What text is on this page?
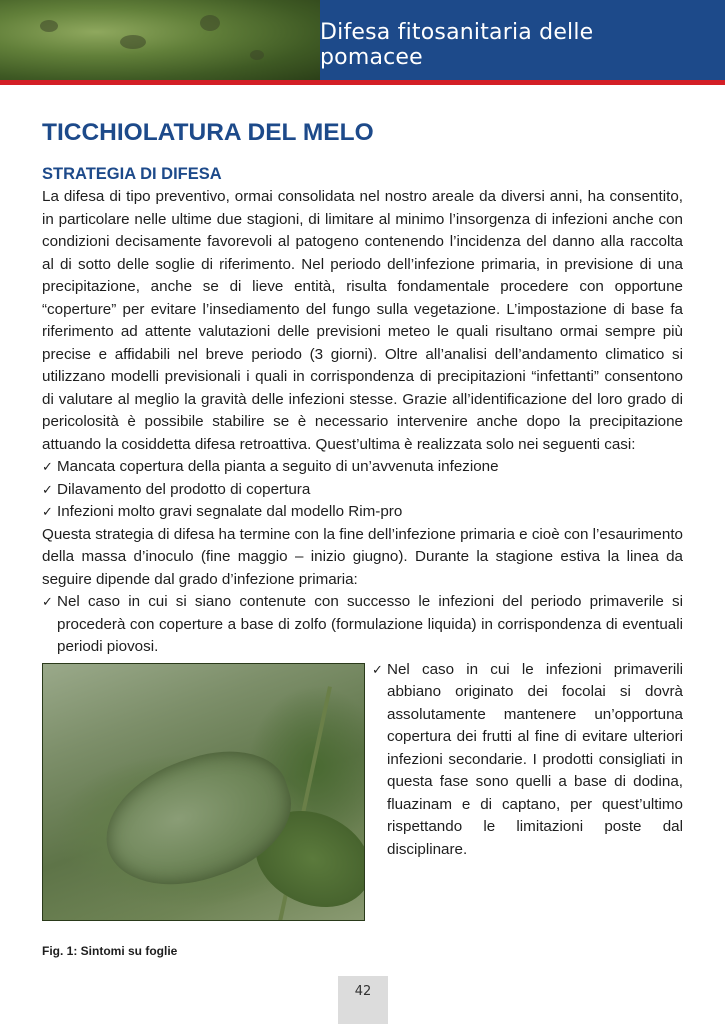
Difesa fitosanitaria delle pomacee
TICCHIOLATURA DEL MELO
STRATEGIA DI DIFESA

La difesa di tipo preventivo, ormai consolidata nel nostro areale da diversi anni, ha consentito, in particolare nelle ultime due stagioni, di limitare al minimo l’insorgenza di infezioni anche con condizioni decisamente favorevoli al patogeno contenendo l’incidenza del danno alla raccolta al di sotto delle soglie di riferimento. Nel periodo dell’infezione primaria, in previsione di una precipitazione, anche se di lieve entità, risulta fondamentale procedere con opportune “coperture” per evitare l’insediamento del fungo sulla vegetazione. L’impostazione di base fa riferimento ad attente valutazioni delle previsioni meteo le quali risultano ormai sempre più precise e affidabili nel breve periodo (3 giorni). Oltre all’analisi dell’andamento climatico si utilizzano modelli previsionali i quali in corrispondenza di precipitazioni “infettanti” consentono di valutare al meglio la gravità delle infezioni stesse. Grazie all’identificazione del loro grado di pericolosità è possibile stabilire se è necessario intervenire anche dopo la precipitazione attuando la cosiddetta difesa retroattiva. Quest’ultima è realizzata solo nei seguenti casi:

✓ Mancata copertura della pianta a seguito di un’avvenuta infezione
✓ Dilavamento del prodotto di copertura
✓ Infezioni molto gravi segnalate dal modello Rim-pro

Questa strategia di difesa ha termine con la fine dell’infezione primaria e cioè con l’esaurimento della massa d’inoculo (fine maggio – inizio giugno). Durante la stagione estiva la linea da seguire dipende dal grado d’infezione primaria:

✓ Nel caso in cui si siano contenute con successo le infezioni del periodo primaverile si procederà con coperture a base di zolfo (formulazione liquida) in corrispondenza di eventuali periodi piovosi.
✓ Nel caso in cui le infezioni primaverili abbiano originato dei focolai si dovrà assolutamente mantenere un’opportuna copertura dei frutti al fine di evitare ulteriori infezioni secondarie. I prodotti consigliati in questa fase sono quelli a base di dodina, fluazinam e di captano, per quest’ultimo rispettando le limitazioni poste dal disciplinare.
Fig. 1: Sintomi su foglie
42
